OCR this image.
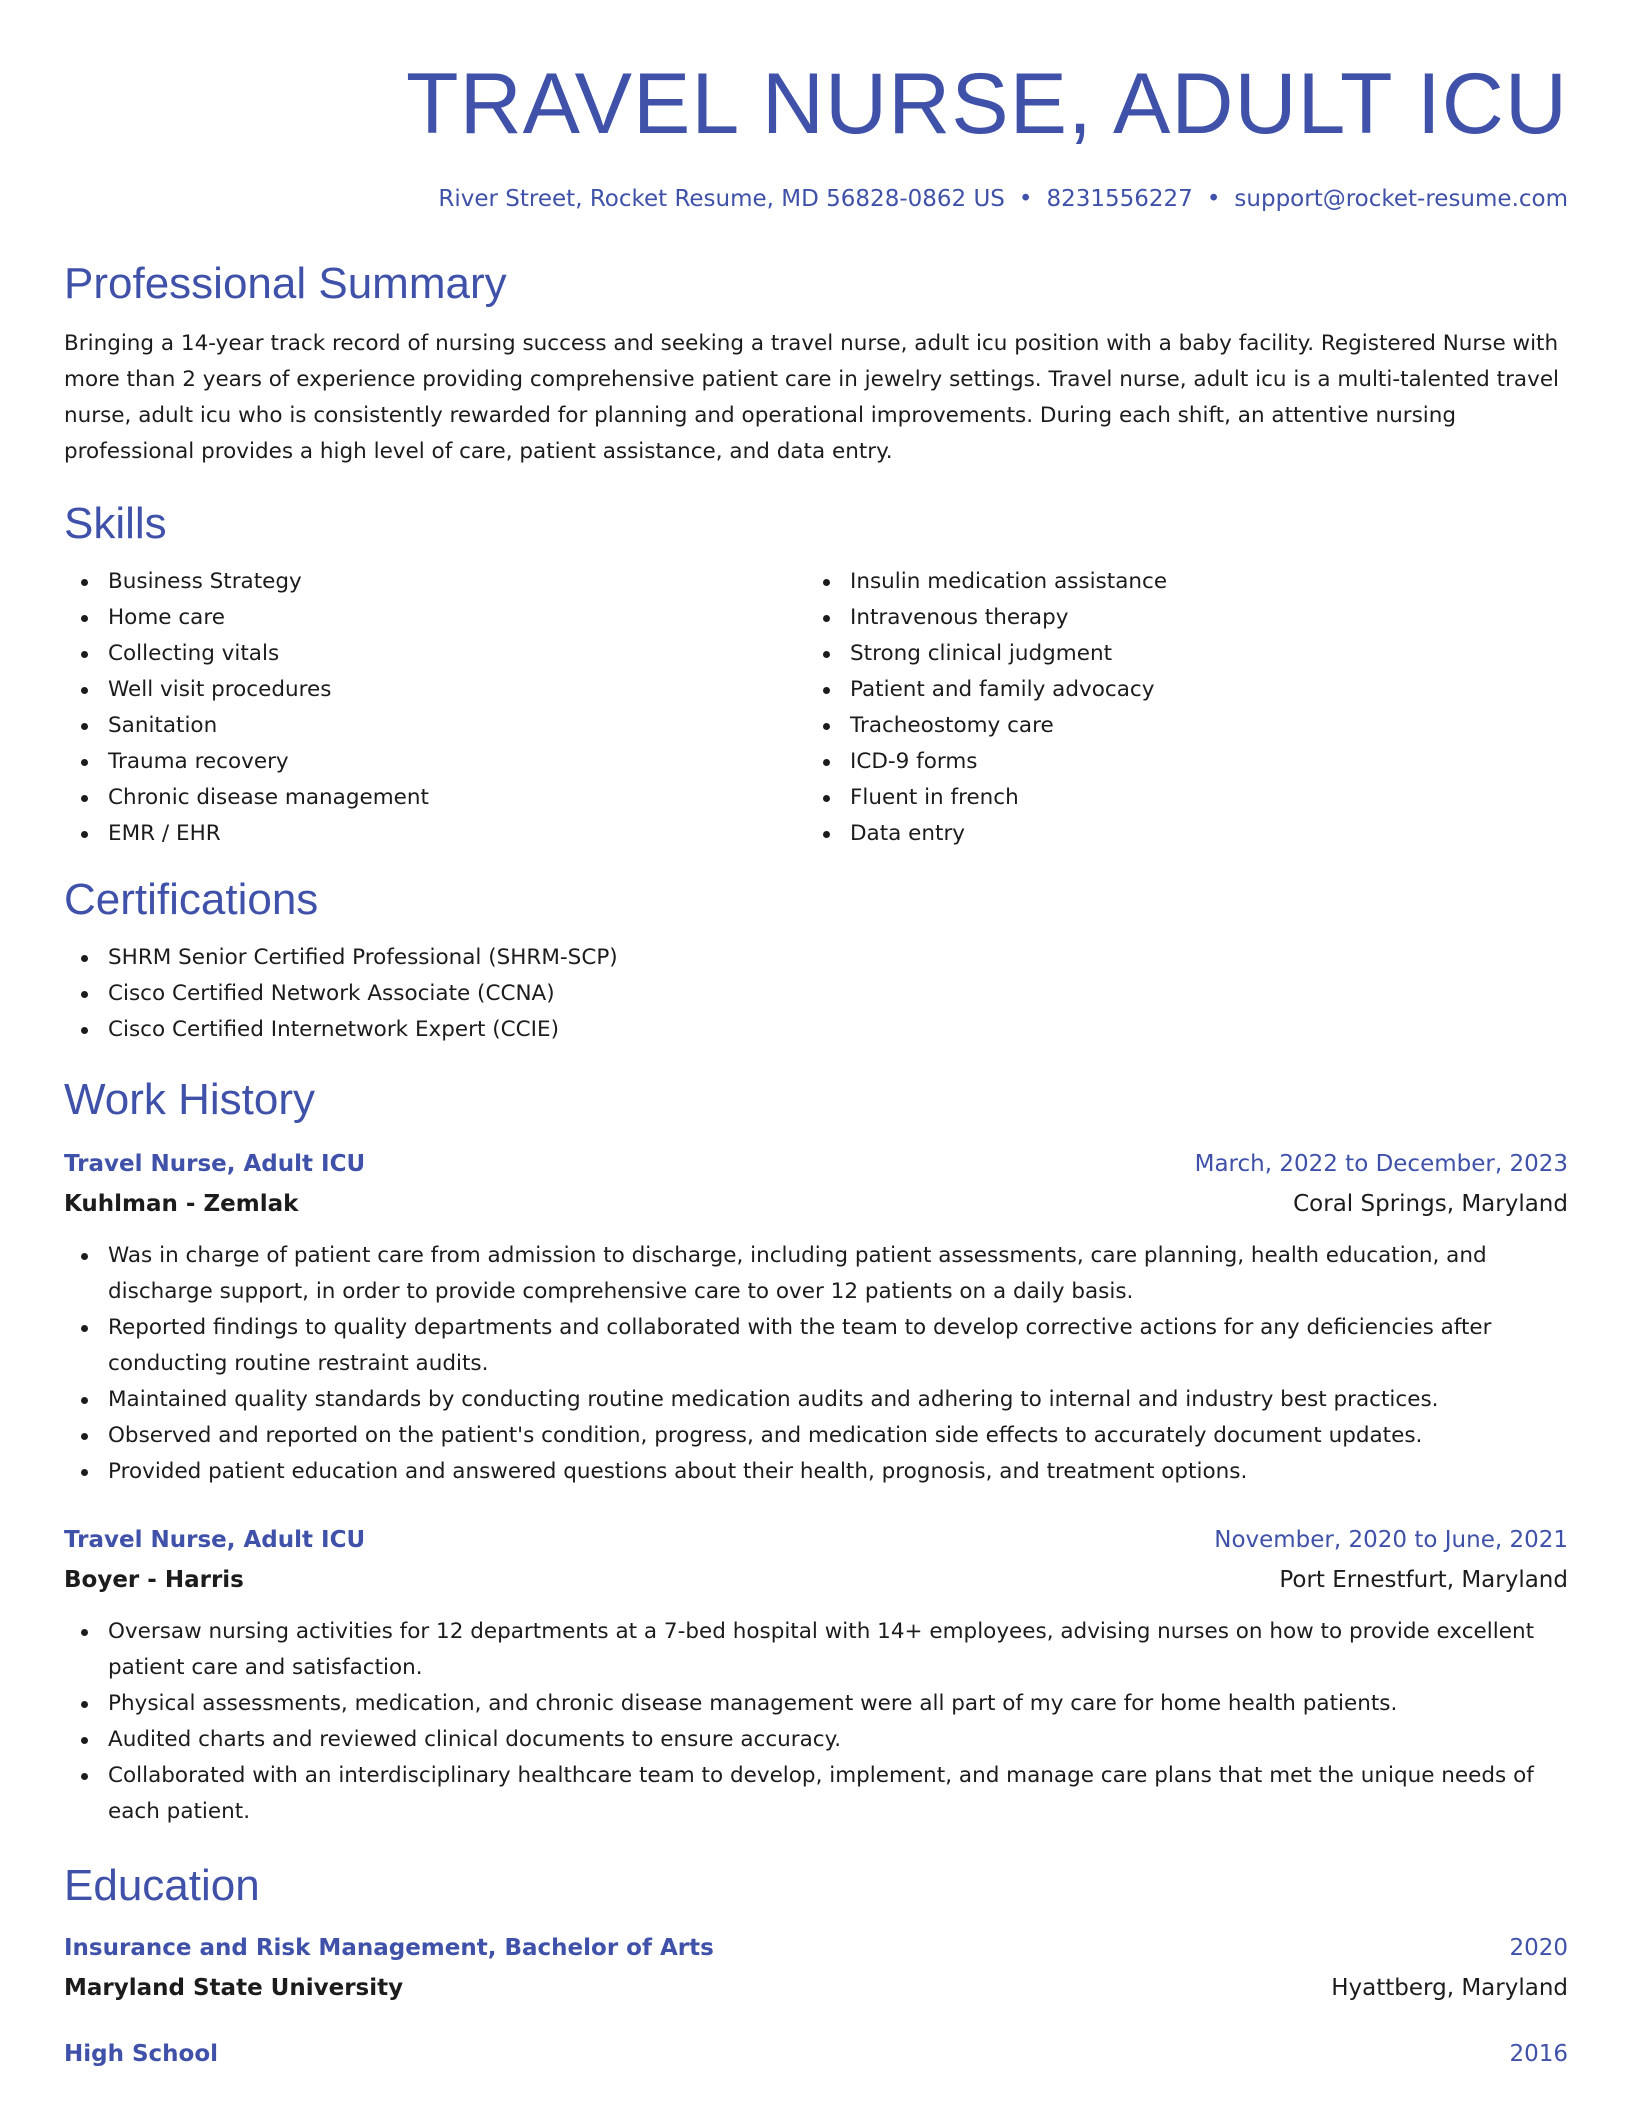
TRAVEL NURSE, ADULT ICU
River Street, Rocket Resume, MD 56828-0862 US • 8231556227 • support@rocket-resume.com
Professional Summary

Bringing a 14-year track record of nursing success and seeking a travel nurse, adult icu position with a baby facility. Registered Nurse with more than 2 years of experience providing comprehensive patient care in jewelry settings. Travel nurse, adult icu is a multi-talented travel nurse, adult icu who is consistently rewarded for planning and operational improvements. During each shift, an attentive nursing professional provides a high level of care, patient assistance, and data entry.

Skills
Business Strategy
Home care
Collecting vitals
Well visit procedures
Sanitation
Trauma recovery
Chronic disease management
EMR / EHR
Insulin medication assistance
Intravenous therapy
Strong clinical judgment
Patient and family advocacy
Tracheostomy care
ICD-9 forms
Fluent in french
Data entry
Certifications
SHRM Senior Certified Professional (SHRM-SCP)
Cisco Certified Network Associate (CCNA)
Cisco Certified Internetwork Expert (CCIE)
Work History
Travel Nurse, Adult ICU	March, 2022 to December, 2023
Kuhlman - Zemlak	Coral Springs, Maryland
Was in charge of patient care from admission to discharge, including patient assessments, care planning, health education, and discharge support, in order to provide comprehensive care to over 12 patients on a daily basis.
Reported findings to quality departments and collaborated with the team to develop corrective actions for any deficiencies after conducting routine restraint audits.
Maintained quality standards by conducting routine medication audits and adhering to internal and industry best practices.
Observed and reported on the patient's condition, progress, and medication side effects to accurately document updates.
Provided patient education and answered questions about their health, prognosis, and treatment options.
Travel Nurse, Adult ICU	November, 2020 to June, 2021
Boyer - Harris	Port Ernestfurt, Maryland
Oversaw nursing activities for 12 departments at a 7-bed hospital with 14+ employees, advising nurses on how to provide excellent patient care and satisfaction.
Physical assessments, medication, and chronic disease management were all part of my care for home health patients.
Audited charts and reviewed clinical documents to ensure accuracy.
Collaborated with an interdisciplinary healthcare team to develop, implement, and manage care plans that met the unique needs of each patient.
Education
Insurance and Risk Management, Bachelor of Arts	2020
Maryland State University	Hyattberg, Maryland
High School	2016
